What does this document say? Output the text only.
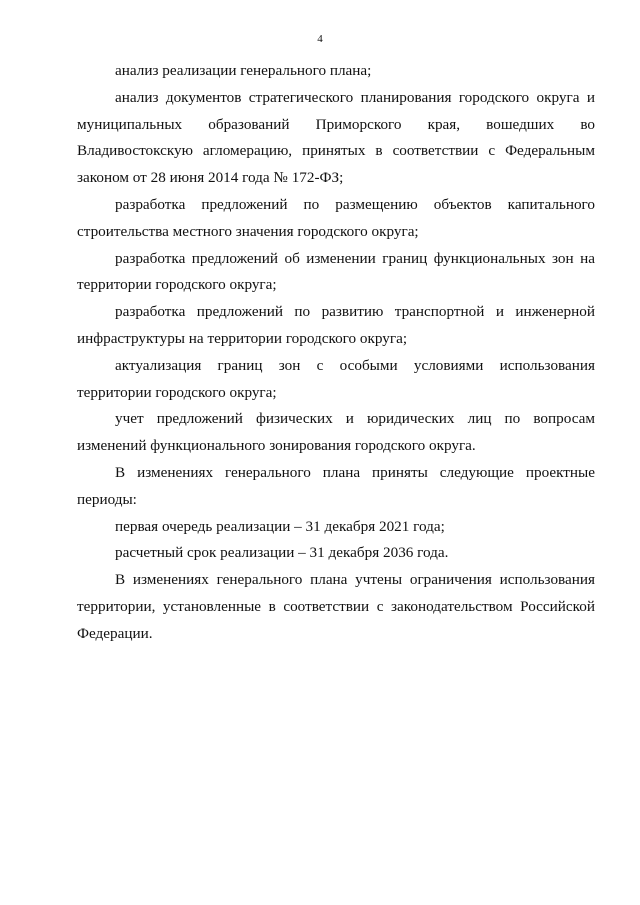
4

анализ реализации генерального плана;

анализ документов стратегического планирования городского округа и муниципальных образований Приморского края, вошедших во Владивостокскую агломерацию, принятых в соответствии с Федеральным законом от 28 июня 2014 года № 172-ФЗ;

разработка предложений по размещению объектов капитального строительства местного значения городского округа;

разработка предложений об изменении границ функциональных зон на территории городского округа;

разработка предложений по развитию транспортной и инженерной инфраструктуры на территории городского округа;

актуализация границ зон с особыми условиями использования территории городского округа;

учет предложений физических и юридических лиц по вопросам изменений функционального зонирования городского округа.

В изменениях генерального плана приняты следующие проектные периоды:

первая очередь реализации – 31 декабря 2021 года;

расчетный срок реализации – 31 декабря 2036 года.

В изменениях генерального плана учтены ограничения использования территории, установленные в соответствии с законодательством Российской Федерации.
